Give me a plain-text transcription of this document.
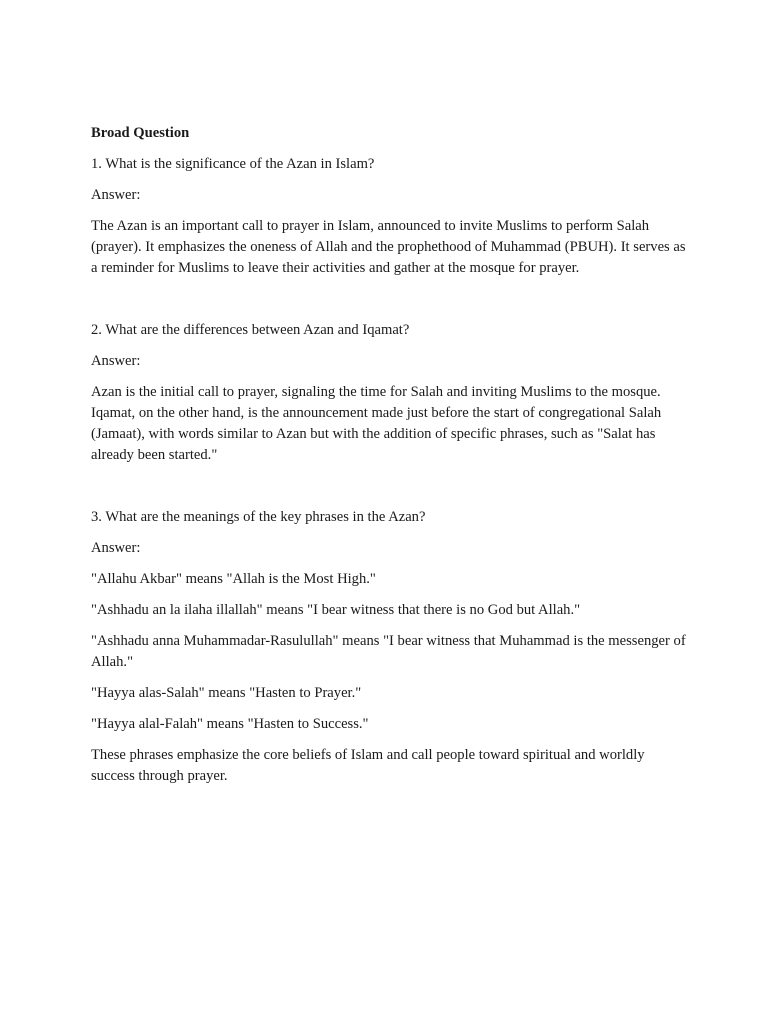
Broad Question
1. What is the significance of the Azan in Islam?
Answer:
The Azan is an important call to prayer in Islam, announced to invite Muslims to perform Salah (prayer). It emphasizes the oneness of Allah and the prophethood of Muhammad (PBUH). It serves as a reminder for Muslims to leave their activities and gather at the mosque for prayer.
2. What are the differences between Azan and Iqamat?
Answer:
Azan is the initial call to prayer, signaling the time for Salah and inviting Muslims to the mosque. Iqamat, on the other hand, is the announcement made just before the start of congregational Salah (Jamaat), with words similar to Azan but with the addition of specific phrases, such as "Salat has already been started."
3. What are the meanings of the key phrases in the Azan?
Answer:
"Allahu Akbar" means "Allah is the Most High."
"Ashhadu an la ilaha illallah" means "I bear witness that there is no God but Allah."
"Ashhadu anna Muhammadar-Rasulullah" means "I bear witness that Muhammad is the messenger of Allah."
"Hayya alas-Salah" means "Hasten to Prayer."
"Hayya alal-Falah" means "Hasten to Success."
These phrases emphasize the core beliefs of Islam and call people toward spiritual and worldly success through prayer.
